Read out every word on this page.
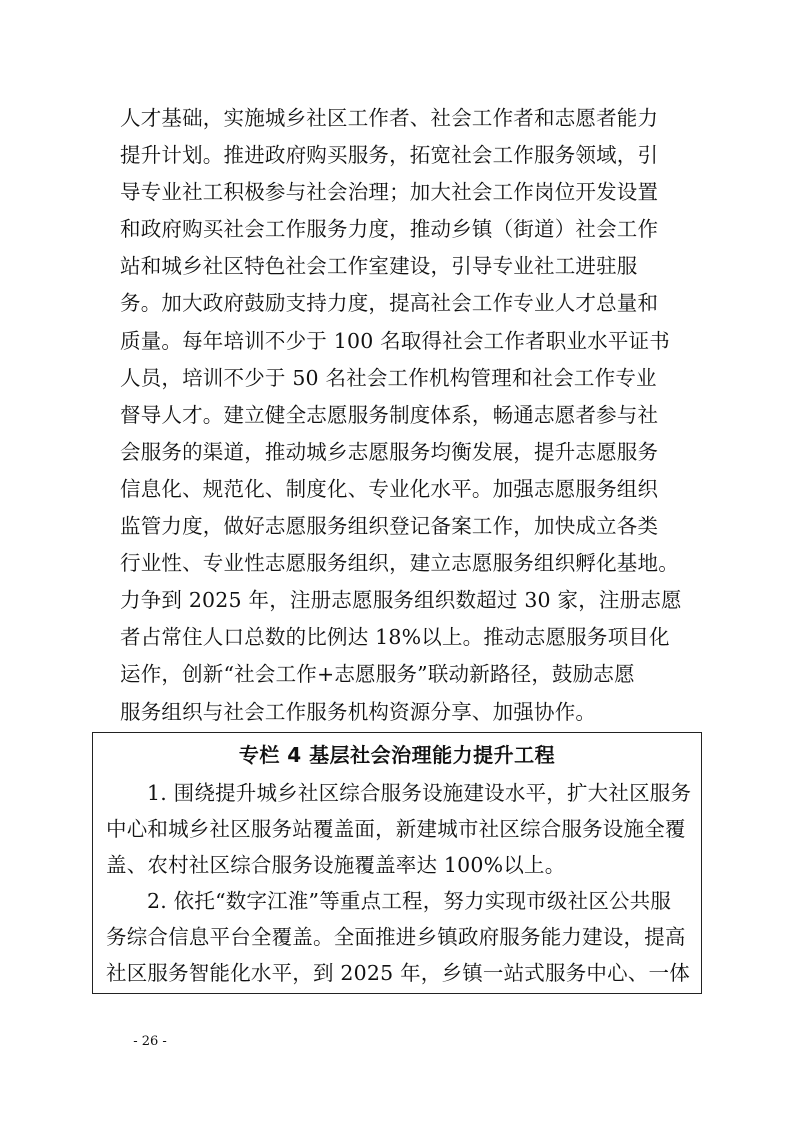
人才基础，实施城乡社区工作者、社会工作者和志愿者能力
提升计划。推进政府购买服务，拓宽社会工作服务领域，引
导专业社工积极参与社会治理；加大社会工作岗位开发设置
和政府购买社会工作服务力度，推动乡镇（街道）社会工作
站和城乡社区特色社会工作室建设，引导专业社工进驻服
务。加大政府鼓励支持力度，提高社会工作专业人才总量和
质量。每年培训不少于 100 名取得社会工作者职业水平证书
人员，培训不少于 50 名社会工作机构管理和社会工作专业
督导人才。建立健全志愿服务制度体系，畅通志愿者参与社
会服务的渠道，推动城乡志愿服务均衡发展，提升志愿服务
信息化、规范化、制度化、专业化水平。加强志愿服务组织
监管力度，做好志愿服务组织登记备案工作，加快成立各类
行业性、专业性志愿服务组织，建立志愿服务组织孵化基地。
力争到 2025 年，注册志愿服务组织数超过 30 家，注册志愿
者占常住人口总数的比例达 18%以上。推动志愿服务项目化
运作，创新“社会工作+志愿服务”联动新路径，鼓励志愿
服务组织与社会工作服务机构资源分享、加强协作。
专栏 4 基层社会治理能力提升工程
1. 围绕提升城乡社区综合服务设施建设水平，扩大社区服务
中心和城乡社区服务站覆盖面，新建城市社区综合服务设施全覆
盖、农村社区综合服务设施覆盖率达 100%以上。
2. 依托“数字江淮”等重点工程，努力实现市级社区公共服
务综合信息平台全覆盖。全面推进乡镇政府服务能力建设，提高
社区服务智能化水平，到 2025 年，乡镇一站式服务中心、一体
- 26 -
